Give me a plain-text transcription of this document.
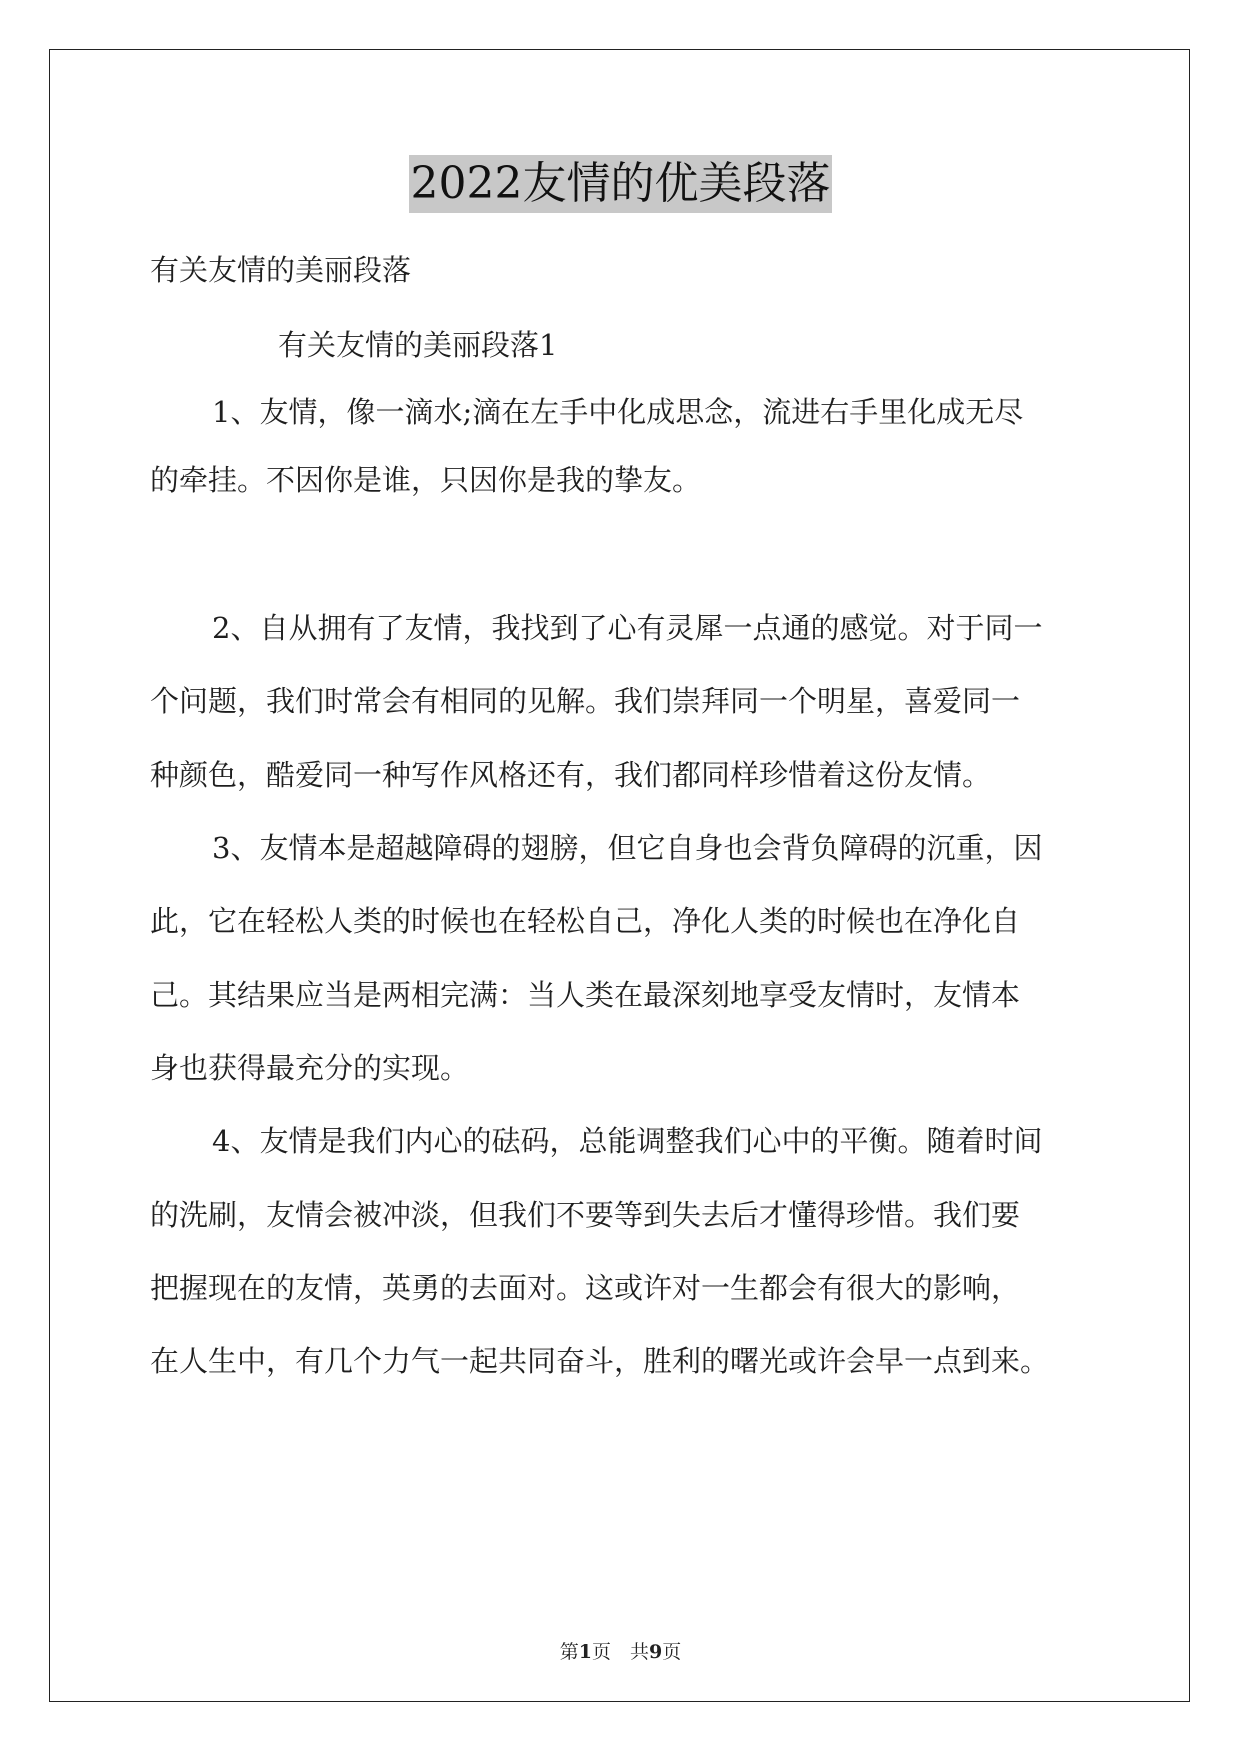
2022友情的优美段落
有关友情的美丽段落
有关友情的美丽段落1
1、友情，像一滴水;滴在左手中化成思念，流进右手里化成无尽
的牵挂。不因你是谁，只因你是我的挚友。
2、自从拥有了友情，我找到了心有灵犀一点通的感觉。对于同一
个问题，我们时常会有相同的见解。我们崇拜同一个明星，喜爱同一
种颜色，酷爱同一种写作风格还有，我们都同样珍惜着这份友情。
3、友情本是超越障碍的翅膀，但它自身也会背负障碍的沉重，因
此，它在轻松人类的时候也在轻松自己，净化人类的时候也在净化自
己。其结果应当是两相完满：当人类在最深刻地享受友情时，友情本
身也获得最充分的实现。
4、友情是我们内心的砝码，总能调整我们心中的平衡。随着时间
的洗刷，友情会被冲淡，但我们不要等到失去后才懂得珍惜。我们要
把握现在的友情，英勇的去面对。这或许对一生都会有很大的影响，
在人生中，有几个力气一起共同奋斗，胜利的曙光或许会早一点到来。
第1页　共9页
